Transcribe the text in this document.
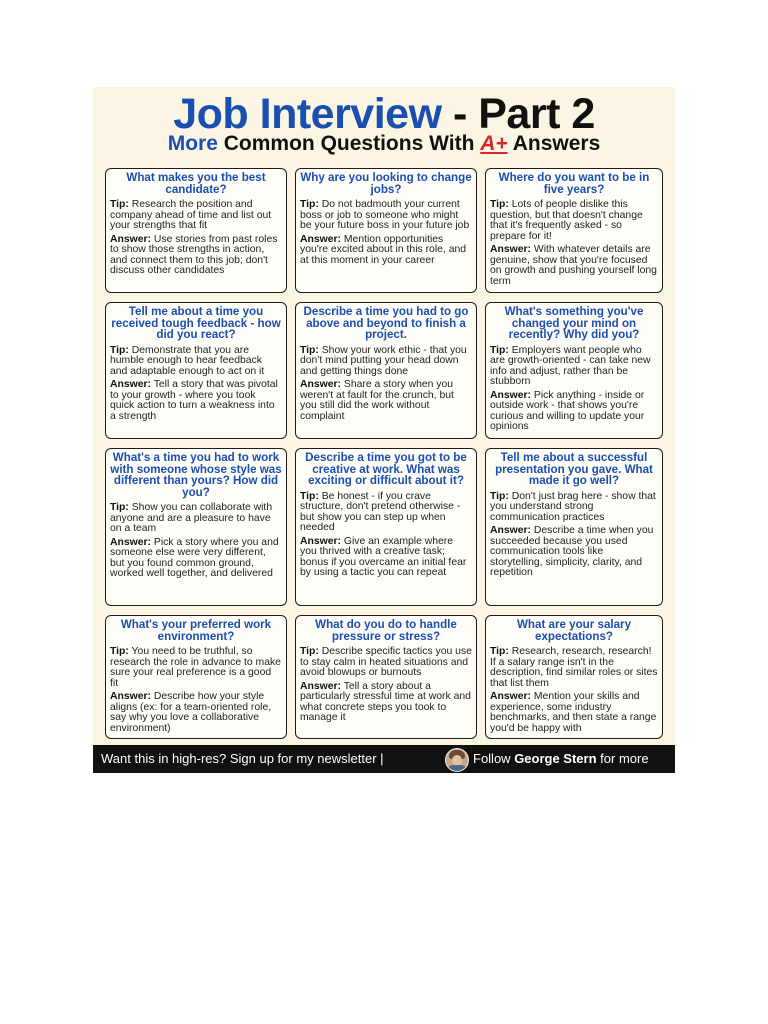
Job Interview - Part 2
More Common Questions With A+ Answers
What makes you the best candidate?
Tip: Research the position and company ahead of time and list out your strengths that fit
Answer: Use stories from past roles to show those strengths in action, and connect them to this job; don't discuss other candidates
Why are you looking to change jobs?
Tip: Do not badmouth your current boss or job to someone who might be your future boss in your future job
Answer: Mention opportunities you're excited about in this role, and at this moment in your career
Where do you want to be in five years?
Tip: Lots of people dislike this question, but that doesn't change that it's frequently asked - so prepare for it!
Answer: With whatever details are genuine, show that you're focused on growth and pushing yourself long term
Tell me about a time you received tough feedback - how did you react?
Tip: Demonstrate that you are humble enough to hear feedback and adaptable enough to act on it
Answer: Tell a story that was pivotal to your growth - where you took quick action to turn a weakness into a strength
Describe a time you had to go above and beyond to finish a project.
Tip: Show your work ethic - that you don't mind putting your head down and getting things done
Answer: Share a story when you weren't at fault for the crunch, but you still did the work without complaint
What's something you've changed your mind on recently? Why did you?
Tip: Employers want people who are growth-oriented - can take new info and adjust, rather than be stubborn
Answer: Pick anything - inside or outside work - that shows you're curious and willing to update your opinions
What's a time you had to work with someone whose style was different than yours? How did you?
Tip: Show you can collaborate with anyone and are a pleasure to have on a team
Answer: Pick a story where you and someone else were very different, but you found common ground, worked well together, and delivered
Describe a time you got to be creative at work. What was exciting or difficult about it?
Tip: Be honest - if you crave structure, don't pretend otherwise - but show you can step up when needed
Answer: Give an example where you thrived with a creative task; bonus if you overcame an initial fear by using a tactic you can repeat
Tell me about a successful presentation you gave. What made it go well?
Tip: Don't just brag here - show that you understand strong communication practices
Answer: Describe a time when you succeeded because you used communication tools like storytelling, simplicity, clarity, and repetition
What's your preferred work environment?
Tip: You need to be truthful, so research the role in advance to make sure your real preference is a good fit
Answer: Describe how your style aligns (ex: for a team-oriented role, say why you love a collaborative environment)
What do you do to handle pressure or stress?
Tip: Describe specific tactics you use to stay calm in heated situations and avoid blowups or burnouts
Answer: Tell a story about a particularly stressful time at work and what concrete steps you took to manage it
What are your salary expectations?
Tip: Research, research, research! If a salary range isn't in the description, find similar roles or sites that list them
Answer: Mention your skills and experience, some industry benchmarks, and then state a range you'd be happy with
Want this in high-res? Sign up for my newsletter |	Follow George Stern for more
